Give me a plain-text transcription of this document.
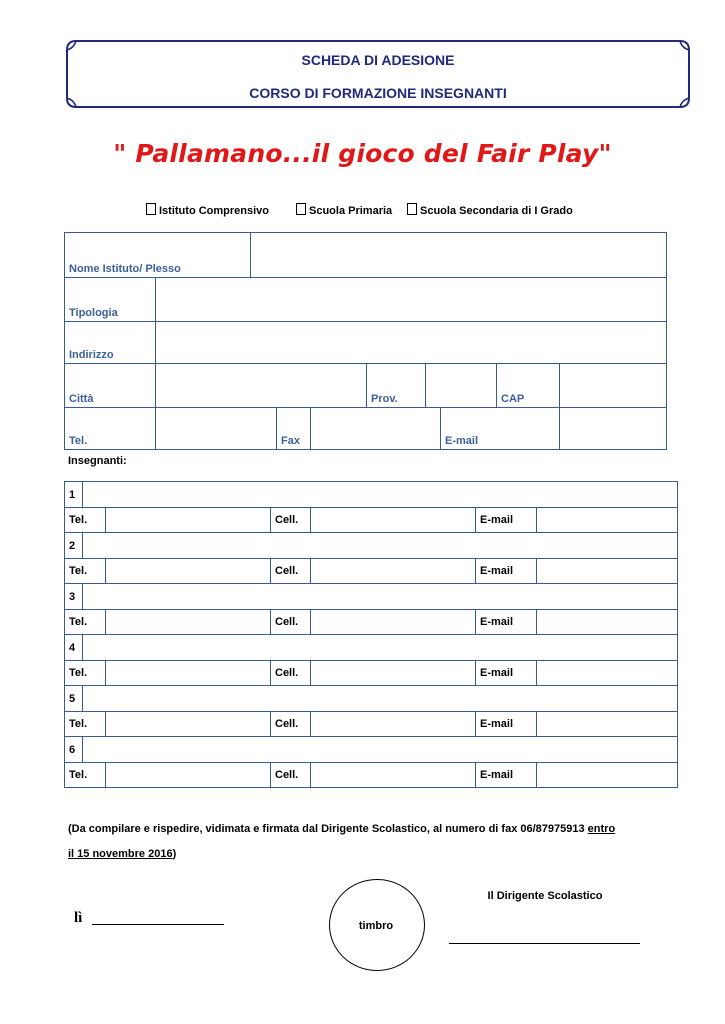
SCHEDA DI ADESIONE
CORSO DI FORMAZIONE INSEGNANTI
" Pallamano...il gioco del Fair Play"
Istituto Comprensivo	Scuola Primaria	Scuola Secondaria di I Grado
Nome Istituto/ Plesso									

Tipologia									

Indirizzo									

Città					Prov.			CAP	

Tel.			Fax				E-mail		

Insegnanti:
1						

Tel.			Cell.		E-mail	

2						

Tel.			Cell.		E-mail	

3						

Tel.			Cell.		E-mail	

4						

Tel.			Cell.		E-mail	

5						

Tel.			Cell.		E-mail	

6						

Tel.			Cell.		E-mail	

(Da compilare e rispedire, vidimata e firmata dal Dirigente Scolastico, al numero di fax 06/87975913 entro
il 15 novembre 2016)
lì	timbro
Il Dirigente Scolastico
